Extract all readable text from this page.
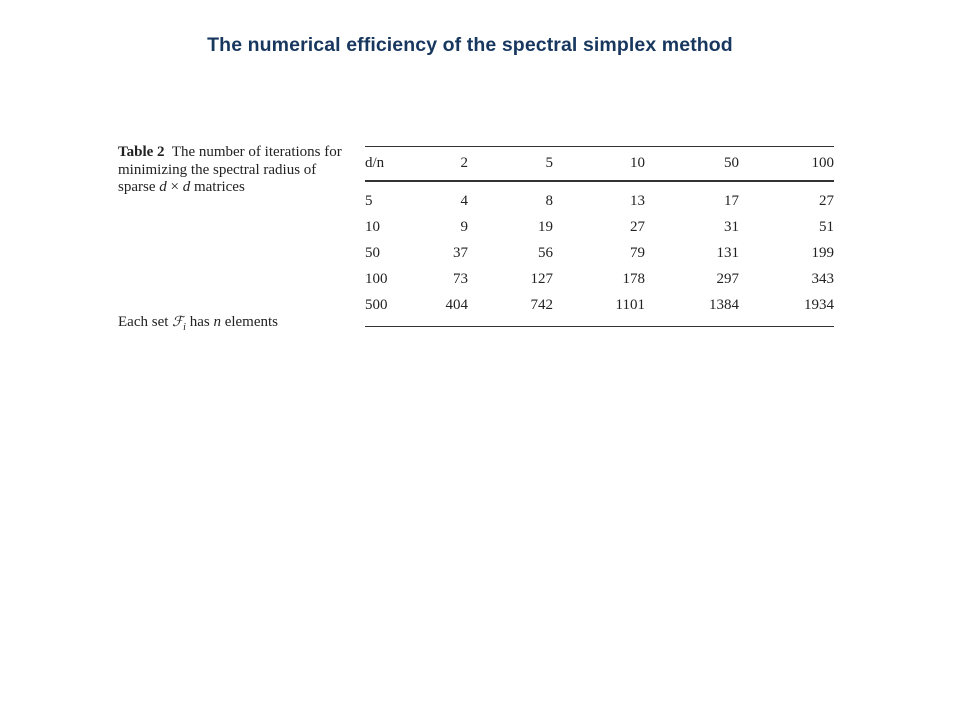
The numerical efficiency of the spectral simplex method
Table 2 The number of iterations for minimizing the spectral radius of sparse d × d matrices
Each set ℱ$_i$ has n elements
d/n	2	5	10	50	100
5	4	8	13	17	27
10	9	19	27	31	51
50	37	56	79	131	199
100	73	127	178	297	343
500	404	742	1101	1384	1934
